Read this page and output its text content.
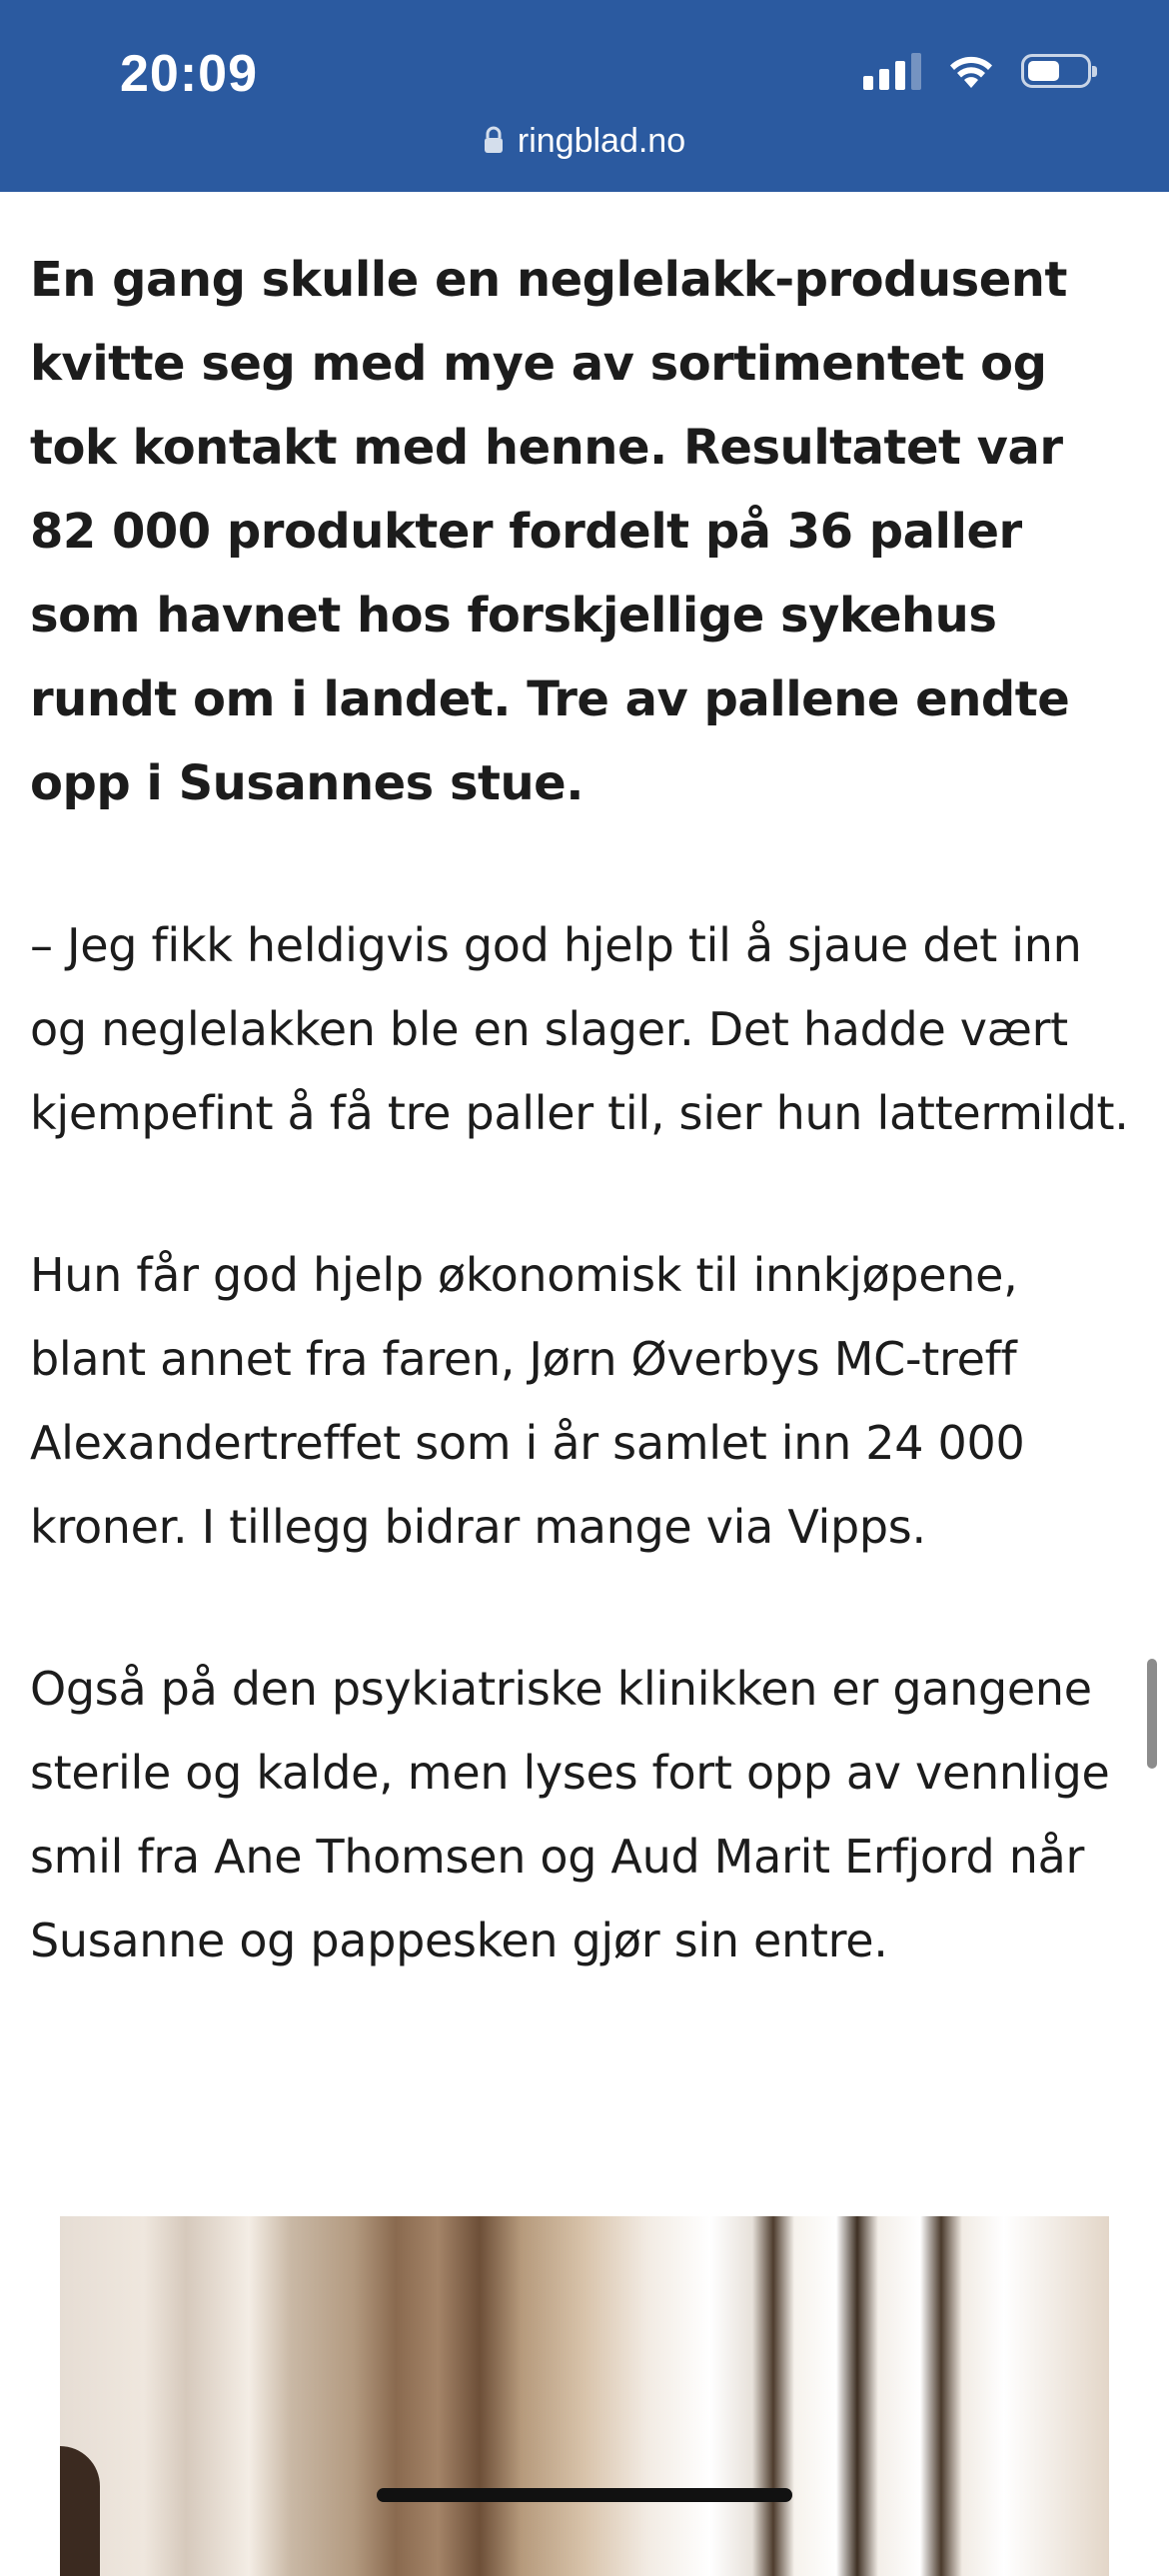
20:09
ringblad.no

En gang skulle en neglelakk-produsent kvitte seg med mye av sortimentet og tok kontakt med henne. Resultatet var 82 000 produkter fordelt på 36 paller som havnet hos forskjellige sykehus rundt om i landet. Tre av pallene endte opp i Susannes stue.

– Jeg fikk heldigvis god hjelp til å sjaue det inn og neglelakken ble en slager. Det hadde vært kjempefint å få tre paller til, sier hun lattermildt.

Hun får god hjelp økonomisk til innkjøpene, blant annet fra faren, Jørn Øverbys MC-treff Alexandertreffet som i år samlet inn 24 000 kroner. I tillegg bidrar mange via Vipps.

Også på den psykiatriske klinikken er gangene sterile og kalde, men lyses fort opp av vennlige smil fra Ane Thomsen og Aud Marit Erfjord når Susanne og pappesken gjør sin entre.
